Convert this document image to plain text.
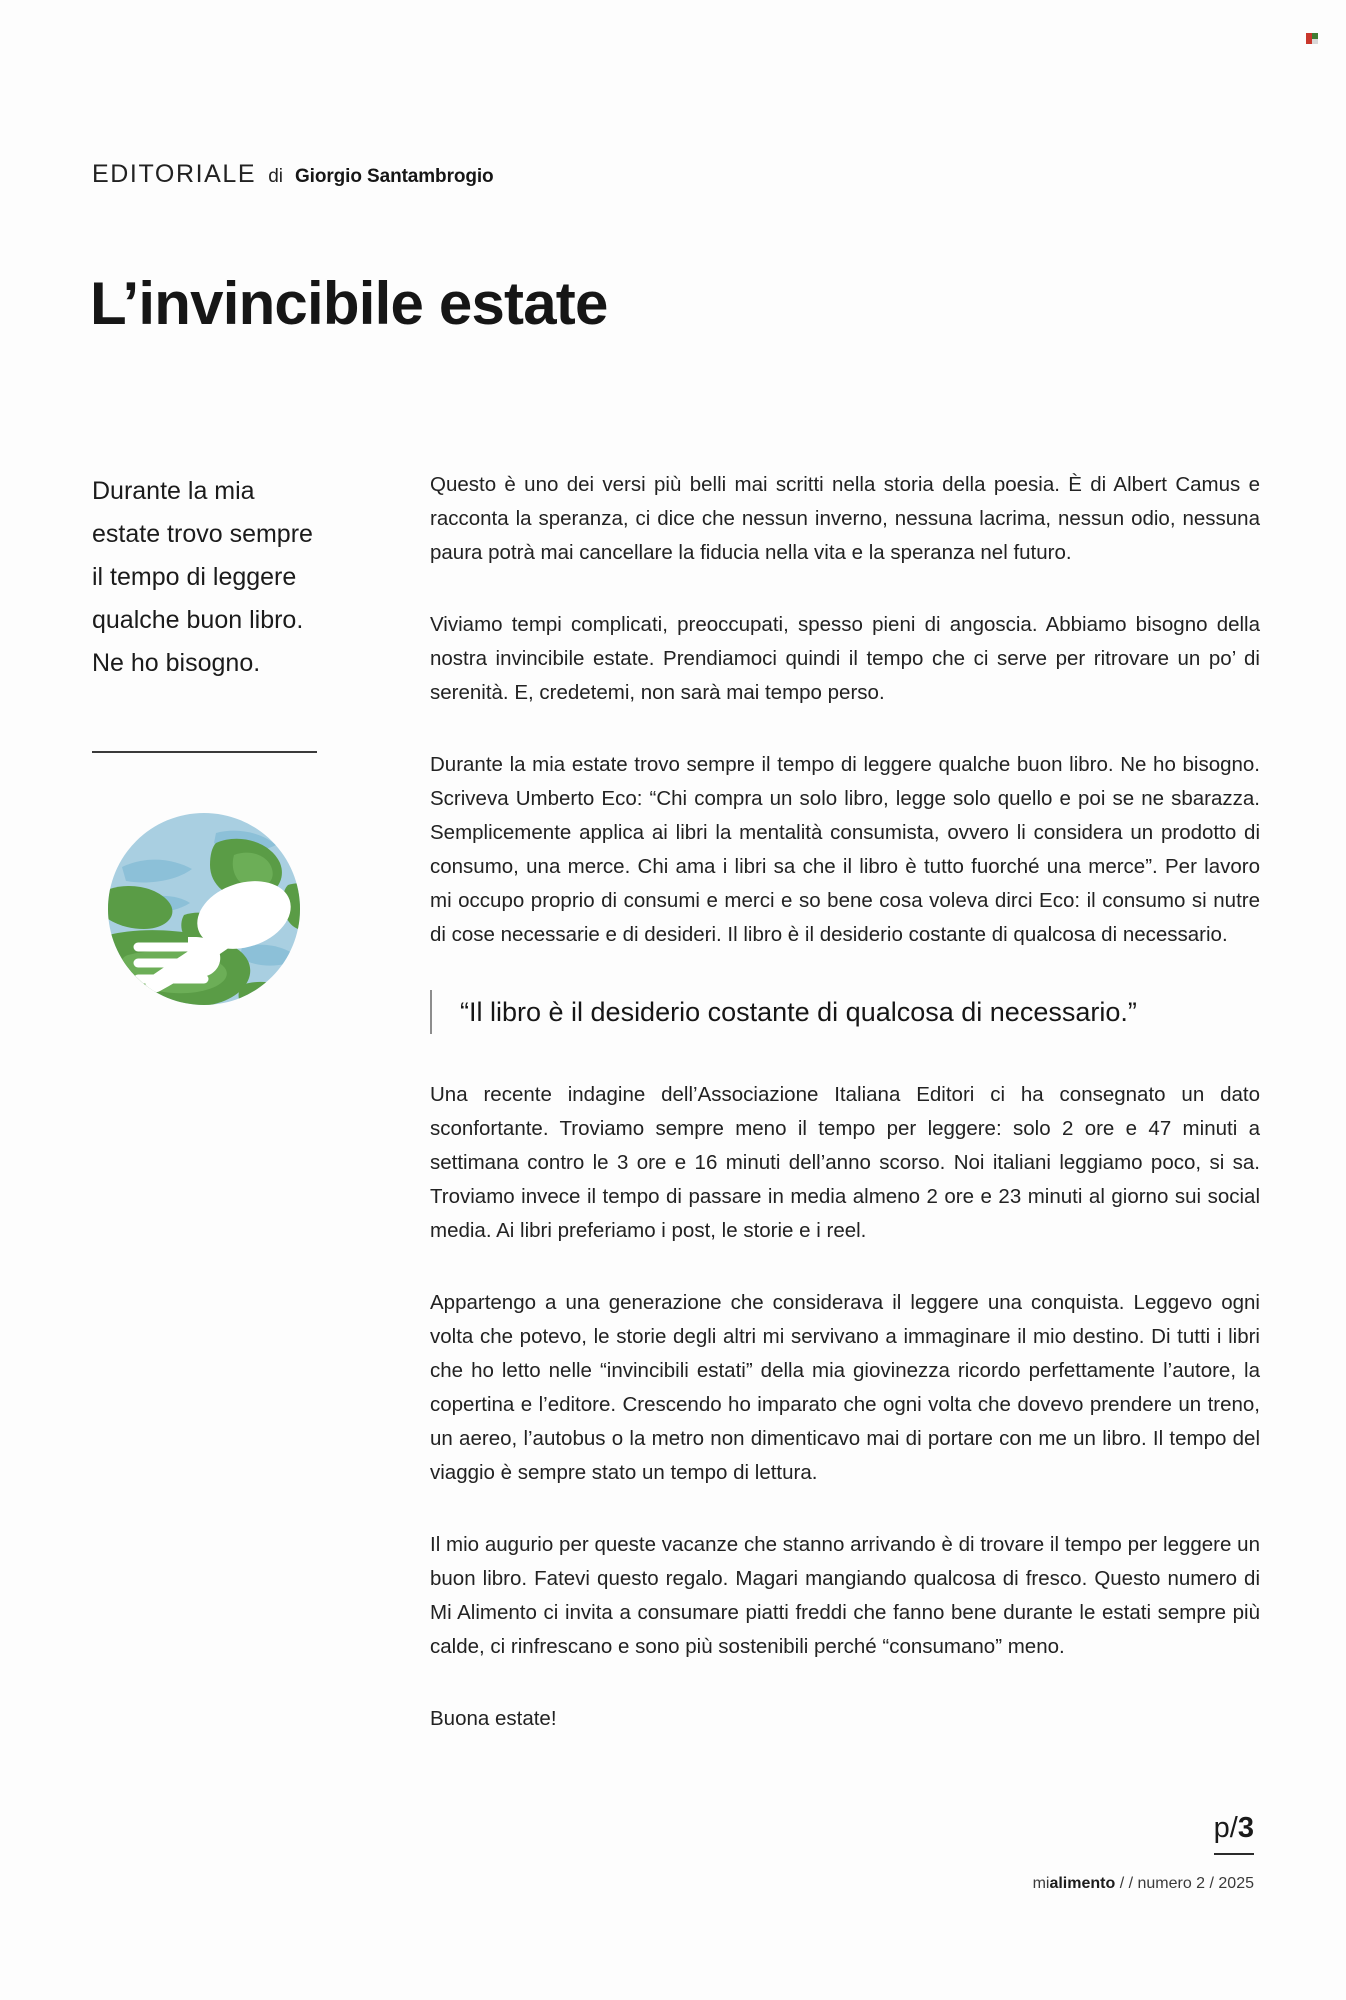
EDITORIALE di Giorgio Santambrogio
L’invincibile estate
Durante la mia estate trovo sempre il tempo di leggere qualche buon libro. Ne ho bisogno.

Questo è uno dei versi più belli mai scritti nella storia della poesia. È di Albert Camus e racconta la speranza, ci dice che nessun inverno, nessuna lacrima, nessun odio, nessuna paura potrà mai cancellare la fiducia nella vita e la speranza nel futuro.

Viviamo tempi complicati, preoccupati, spesso pieni di angoscia. Abbiamo bisogno della nostra invincibile estate. Prendiamoci quindi il tempo che ci serve per ritrovare un po’ di serenità. E, credetemi, non sarà mai tempo perso.

Durante la mia estate trovo sempre il tempo di leggere qualche buon libro. Ne ho bisogno. Scriveva Umberto Eco: “Chi compra un solo libro, legge solo quello e poi se ne sbarazza. Semplicemente applica ai libri la mentalità consumista, ovvero li considera un prodotto di consumo, una merce. Chi ama i libri sa che il libro è tutto fuorché una merce”. Per lavoro mi occupo proprio di consumi e merci e so bene cosa voleva dirci Eco: il consumo si nutre di cose necessarie e di desideri. Il libro è il desiderio costante di qualcosa di necessario.

“Il libro è il desiderio costante di qualcosa di necessario.”

Una recente indagine dell’Associazione Italiana Editori ci ha consegnato un dato sconfortante. Troviamo sempre meno il tempo per leggere: solo 2 ore e 47 minuti a settimana contro le 3 ore e 16 minuti dell’anno scorso. Noi italiani leggiamo poco, si sa. Troviamo invece il tempo di passare in media almeno 2 ore e 23 minuti al giorno sui social media. Ai libri preferiamo i post, le storie e i reel.

Appartengo a una generazione che considerava il leggere una conquista. Leggevo ogni volta che potevo, le storie degli altri mi servivano a immaginare il mio destino. Di tutti i libri che ho letto nelle “invincibili estati” della mia giovinezza ricordo perfettamente l’autore, la copertina e l’editore. Crescendo ho imparato che ogni volta che dovevo prendere un treno, un aereo, l’autobus o la metro non dimenticavo mai di portare con me un libro. Il tempo del viaggio è sempre stato un tempo di lettura.

Il mio augurio per queste vacanze che stanno arrivando è di trovare il tempo per leggere un buon libro. Fatevi questo regalo. Magari mangiando qualcosa di fresco. Questo numero di Mi Alimento ci invita a consumare piatti freddi che fanno bene durante le estati sempre più calde, ci rinfrescano e sono più sostenibili perché “consumano” meno.

Buona estate!

p/3
mialimento / / numero 2 / 2025
